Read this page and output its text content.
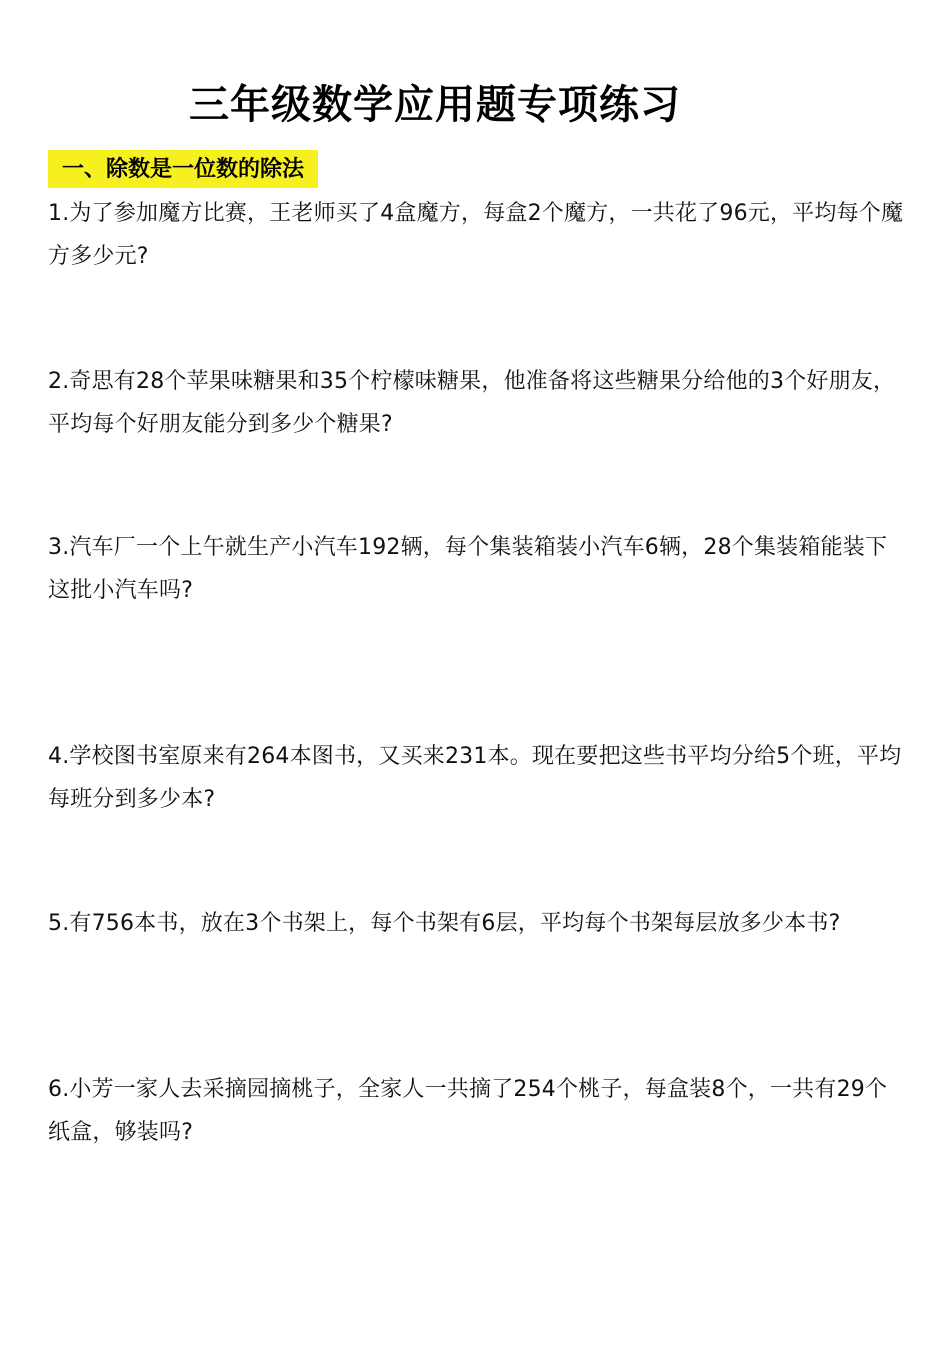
三年级数学应用题专项练习
一、除数是一位数的除法
1.为了参加魔方比赛，王老师买了4盒魔方，每盒2个魔方，一共花了96元，平均每个魔方多少元?
2.奇思有28个苹果味糖果和35个柠檬味糖果，他准备将这些糖果分给他的3个好朋友，平均每个好朋友能分到多少个糖果?
3.汽车厂一个上午就生产小汽车192辆，每个集装箱装小汽车6辆，28个集装箱能装下这批小汽车吗?
4.学校图书室原来有264本图书，又买来231本。现在要把这些书平均分给5个班，平均每班分到多少本?
5.有756本书，放在3个书架上，每个书架有6层，平均每个书架每层放多少本书?
6.小芳一家人去采摘园摘桃子，全家人一共摘了254个桃子，每盒装8个，一共有29个纸盒，够装吗?
